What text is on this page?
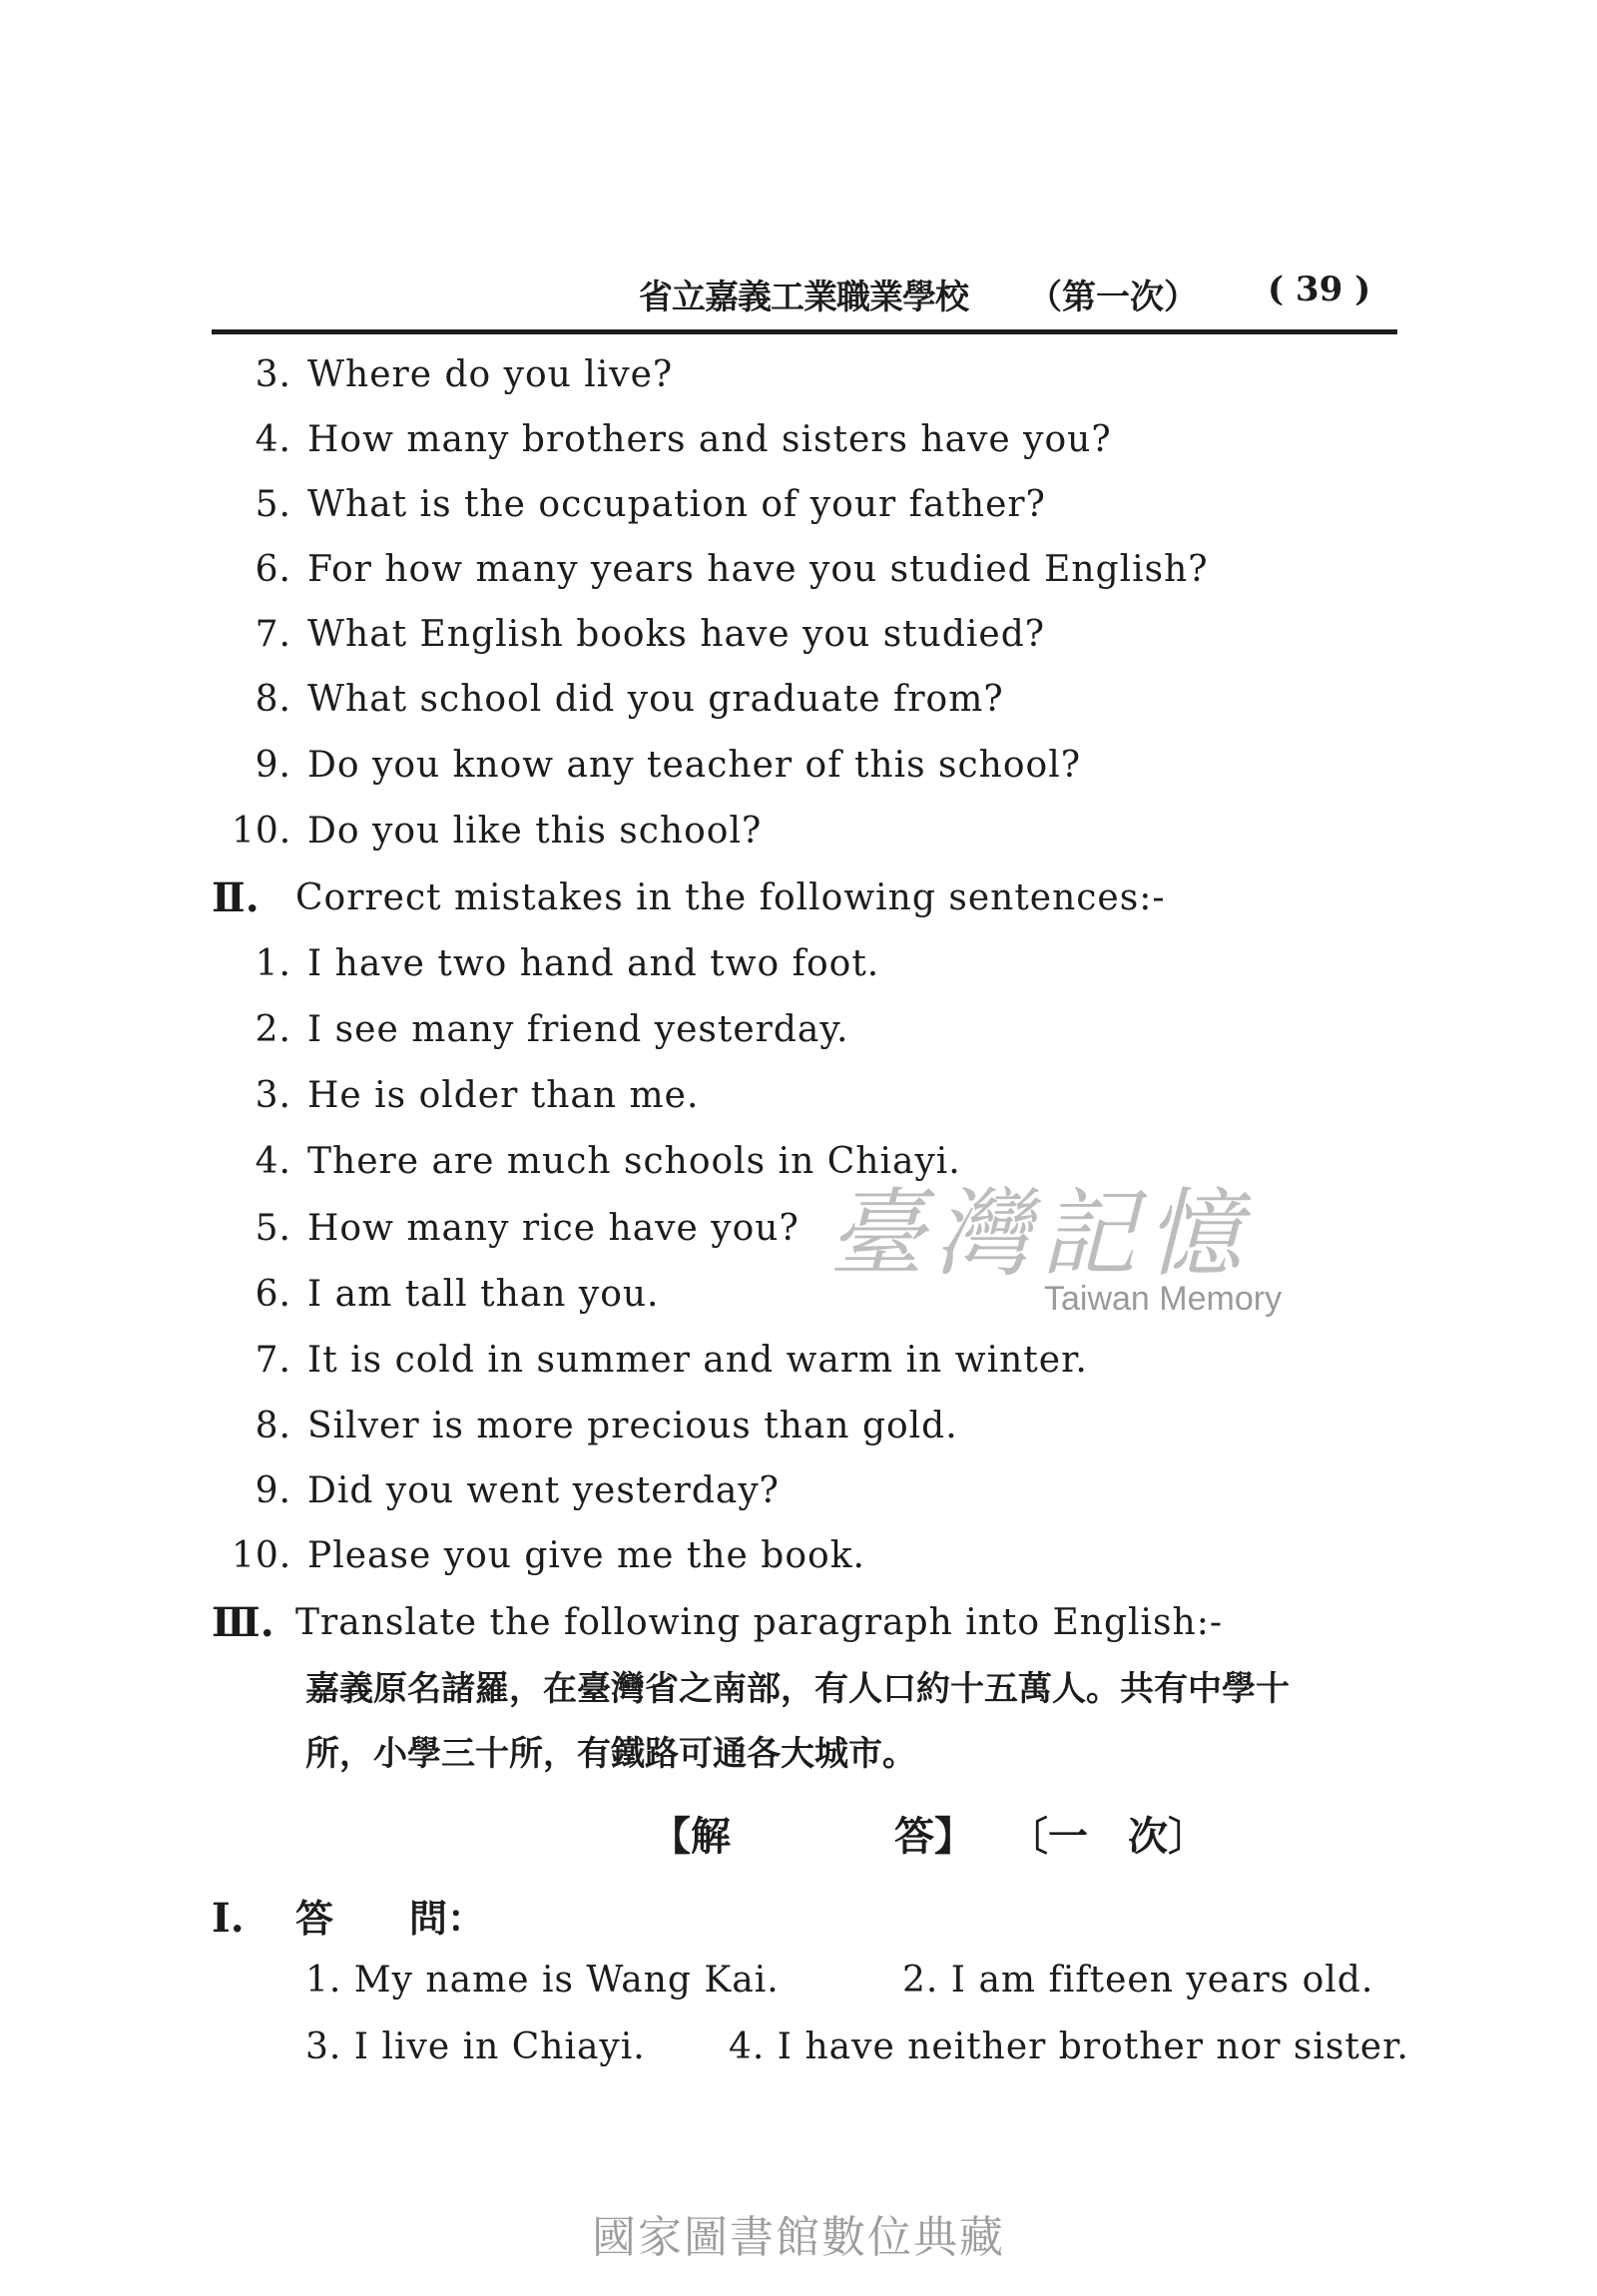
省立嘉義工業職業學校 （第一次） ( 39 )
3. Where do you live?
4. How many brothers and sisters have you?
5. What is the occupation of your father?
6. For how many years have you studied English?
7. What English books have you studied?
8. What school did you graduate from?
9. Do you know any teacher of this school?
10. Do you like this school?
Ⅱ. Correct mistakes in the following sentences:-
1. I have two hand and two foot.
2. I see many friend yesterday.
3. He is older than me.
4. There are much schools in Chiayi.
5. How many rice have you?
6. I am tall than you.
7. It is cold in summer and warm in winter.
8. Silver is more precious than gold.
9. Did you went yesterday?
10. Please you give me the book.
Ⅲ. Translate the following paragraph into English:-
嘉義原名諸羅，在臺灣省之南部，有人口約十五萬人。共有中學十
所，小學三十所，有鐵路可通各大城市。
【解	答】 〔一　次〕
I. 答　　問：
1. My name is Wang Kai.	2. I am fifteen years old.
3. I live in Chiayi. 4. I have neither brother nor sister.
臺灣記憶
Taiwan Memory
國家圖書館數位典藏
